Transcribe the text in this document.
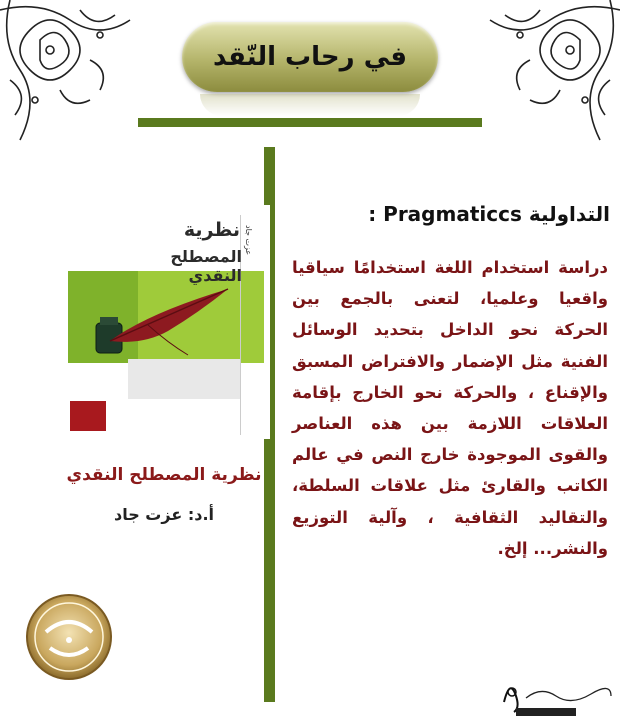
في رحاب النّقد
نظرية
المصطلح النقدي
عزت جاد
نظرية المصطلح النقدي
أ.د: عزت جاد
التداولية Pragmaticcs :
دراسة استخدام اللغة استخدامًا سياقيا واقعيا وعلميا، لتعنى بالجمع بين الحركة نحو الداخل بتحديد الوسائل الفنية مثل الإضمار والافتراض المسبق والإقناع ، والحركة نحو الخارج بإقامة العلاقات اللازمة بين هذه العناصر والقوى الموجودة خارج النص في عالم الكاتب والقارئ مثل علاقات السلطة، والتقاليد الثقافية ، وآلية التوزيع والنشر... إلخ.
